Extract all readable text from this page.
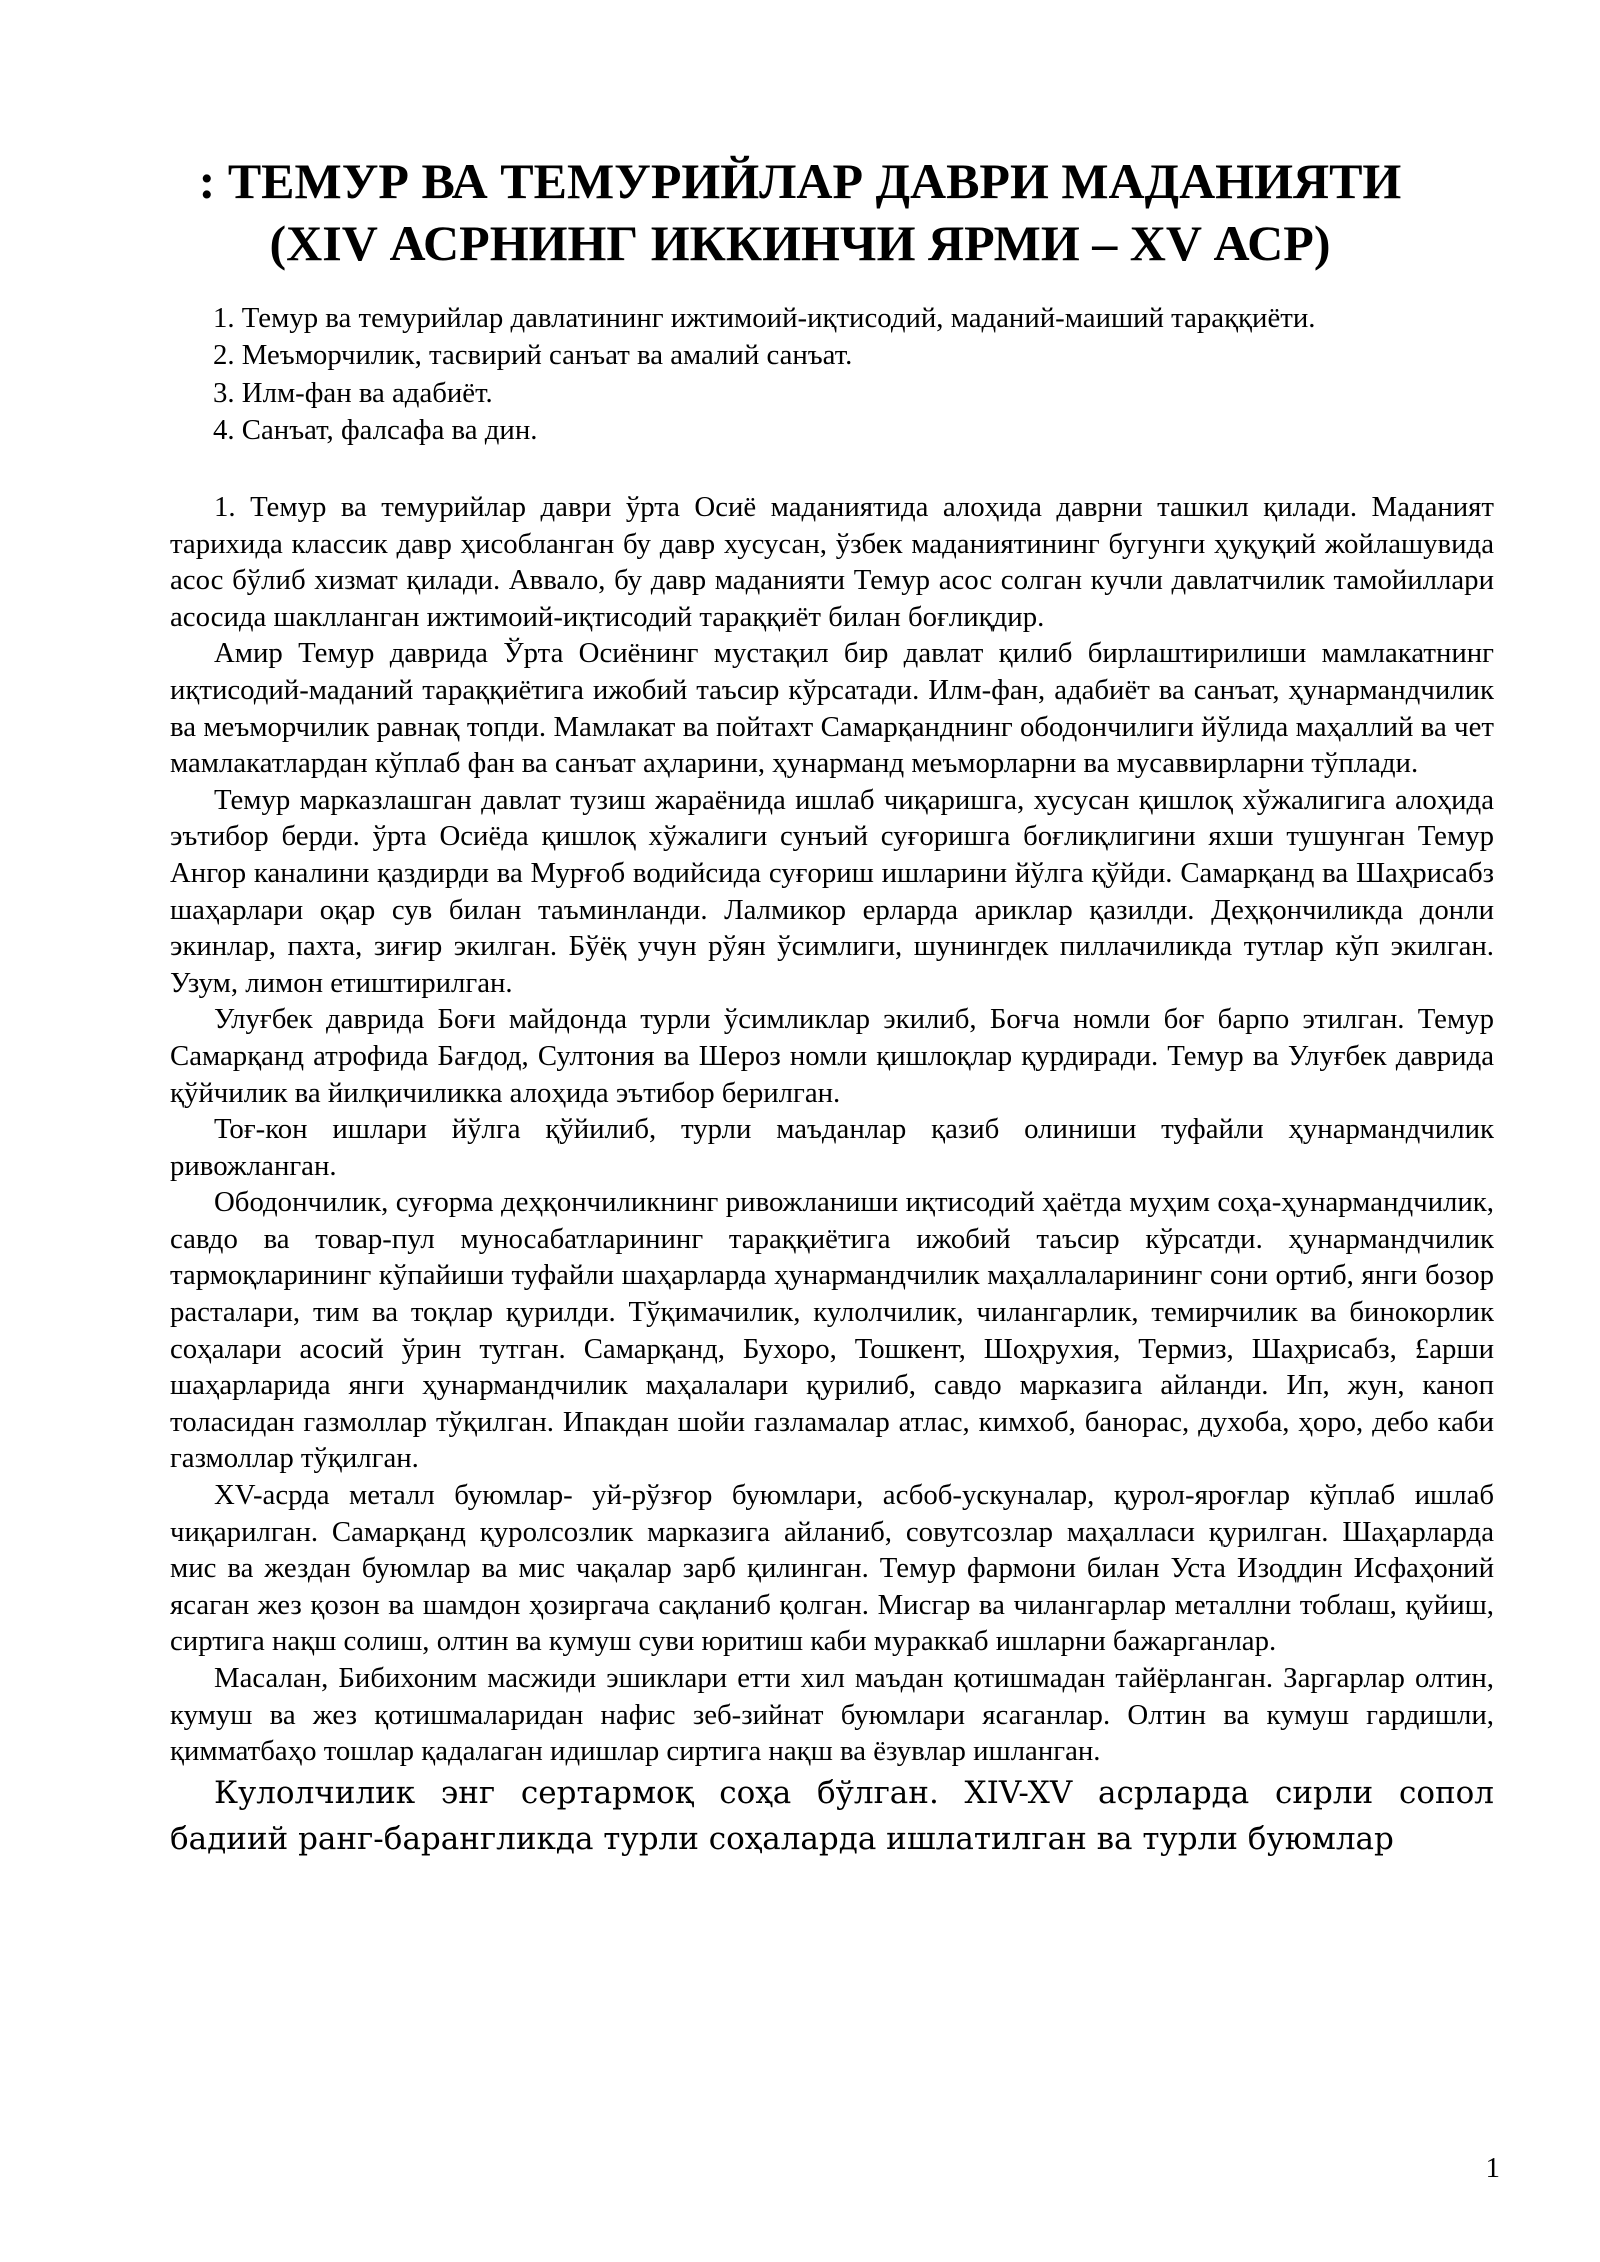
: ТЕМУР ВА ТЕМУРИЙЛАР ДАВРИ МАДАНИЯТИ (XIV АСРНИНГ ИККИНЧИ ЯРМИ – XV АСР)
1. Темур ва темурийлар давлатининг ижтимоий-иқтисодий, маданий-маиший тараққиёти.
2. Меъморчилик, тасвирий санъат ва амалий санъат.
3. Илм-фан ва адабиёт.
4. Санъат, фалсафа ва дин.

1. Темур ва темурийлар даври ўрта Осиё маданиятида алоҳида даврни ташкил қилади. Маданият тарихида классик давр ҳисобланган бу давр хусусан, ўзбек маданиятининг бугунги ҳуқуқий жойлашувида асос бўлиб хизмат қилади. Аввало, бу давр маданияти Темур асос солган кучли давлатчилик тамойиллари асосида шаклланган ижтимоий-иқтисодий тараққиёт билан боғлиқдир.

Амир Темур даврида Ўрта Осиёнинг мустақил бир давлат қилиб бирлаштирилиши мамлакатнинг иқтисодий-маданий тараққиётига ижобий таъсир кўрсатади. Илм-фан, адабиёт ва санъат, ҳунармандчилик ва меъморчилик равнақ топди. Мамлакат ва пойтахт Самарқанднинг ободончилиги йўлида маҳаллий ва чет мамлакатлардан кўплаб фан ва санъат аҳларини, ҳунарманд меъморларни ва мусаввирларни тўплади.

Темур марказлашган давлат тузиш жараёнида ишлаб чиқаришга, хусусан қишлоқ хўжалигига алоҳида эътибор берди. ўрта Осиёда қишлоқ хўжалиги сунъий суғоришга боғлиқлигини яхши тушунган Темур Ангор каналини қаздирди ва Мурғоб водийсида суғориш ишларини йўлга қўйди. Самарқанд ва Шаҳрисабз шаҳарлари оқар сув билан таъминланди. Лалмикор ерларда ариклар қазилди. Деҳқончиликда донли экинлар, пахта, зиғир экилган. Бўёқ учун рўян ўсимлиги, шунингдек пиллачиликда тутлар кўп экилган. Узум, лимон етиштирилган.

Улуғбек даврида Боғи майдонда турли ўсимликлар экилиб, Боғча номли боғ барпо этилган. Темур Самарқанд атрофида Бағдод, Султония ва Шероз номли қишлоқлар қурдиради. Темур ва Улуғбек даврида қўйчилик ва йилқичиликка алоҳида эътибор берилган.

Тоғ-кон ишлари йўлга қўйилиб, турли маъданлар қазиб олиниши туфайли ҳунармандчилик ривожланган.

Ободончилик, суғорма деҳқончиликнинг ривожланиши иқтисодий ҳаётда муҳим соҳа-ҳунармандчилик, савдо ва товар-пул муносабатларининг тараққиётига ижобий таъсир кўрсатди. ҳунармандчилик тармоқларининг кўпайиши туфайли шаҳарларда ҳунармандчилик маҳаллаларининг сони ортиб, янги бозор расталари, тим ва тоқлар қурилди. Тўқимачилик, кулолчилик, чилангарлик, темирчилик ва бинокорлик соҳалари асосий ўрин тутган. Самарқанд, Бухоро, Тошкент, Шоҳрухия, Термиз, Шаҳрисабз, £арши шаҳарларида янги ҳунармандчилик маҳалалари қурилиб, савдо марказига айланди. Ип, жун, каноп толасидан газмоллар тўқилган. Ипакдан шойи газламалар атлас, кимхоб, банорас, духоба, ҳоро, дебо каби газмоллар тўқилган.

XV-асрда металл буюмлар- уй-рўзғор буюмлари, асбоб-ускуналар, қурол-яроғлар кўплаб ишлаб чиқарилган. Самарқанд қуролсозлик марказига айланиб, совутсозлар маҳалласи қурилган. Шаҳарларда мис ва жездан буюмлар ва мис чақалар зарб қилинган. Темур фармони билан Уста Изоддин Исфаҳоний ясаган жез қозон ва шамдон ҳозиргача сақланиб қолган. Мисгар ва чилангарлар металлни тоблаш, қуйиш, сиртига нақш солиш, олтин ва кумуш суви юритиш каби мураккаб ишларни бажарганлар.

Масалан, Бибихоним масжиди эшиклари етти хил маъдан қотишмадан тайёрланган. Заргарлар олтин, кумуш ва жез қотишмаларидан нафис зеб-зийнат буюмлари ясаганлар. Олтин ва кумуш гардишли, қимматбаҳо тошлар қадалаган идишлар сиртига нақш ва ёзувлар ишланган.

Кулолчилик энг сертармоқ соҳа бўлган. XIV-XV асрларда сирли сопол бадиий ранг-барангликда турли соҳаларда ишлатилган ва турли буюмлар

1
